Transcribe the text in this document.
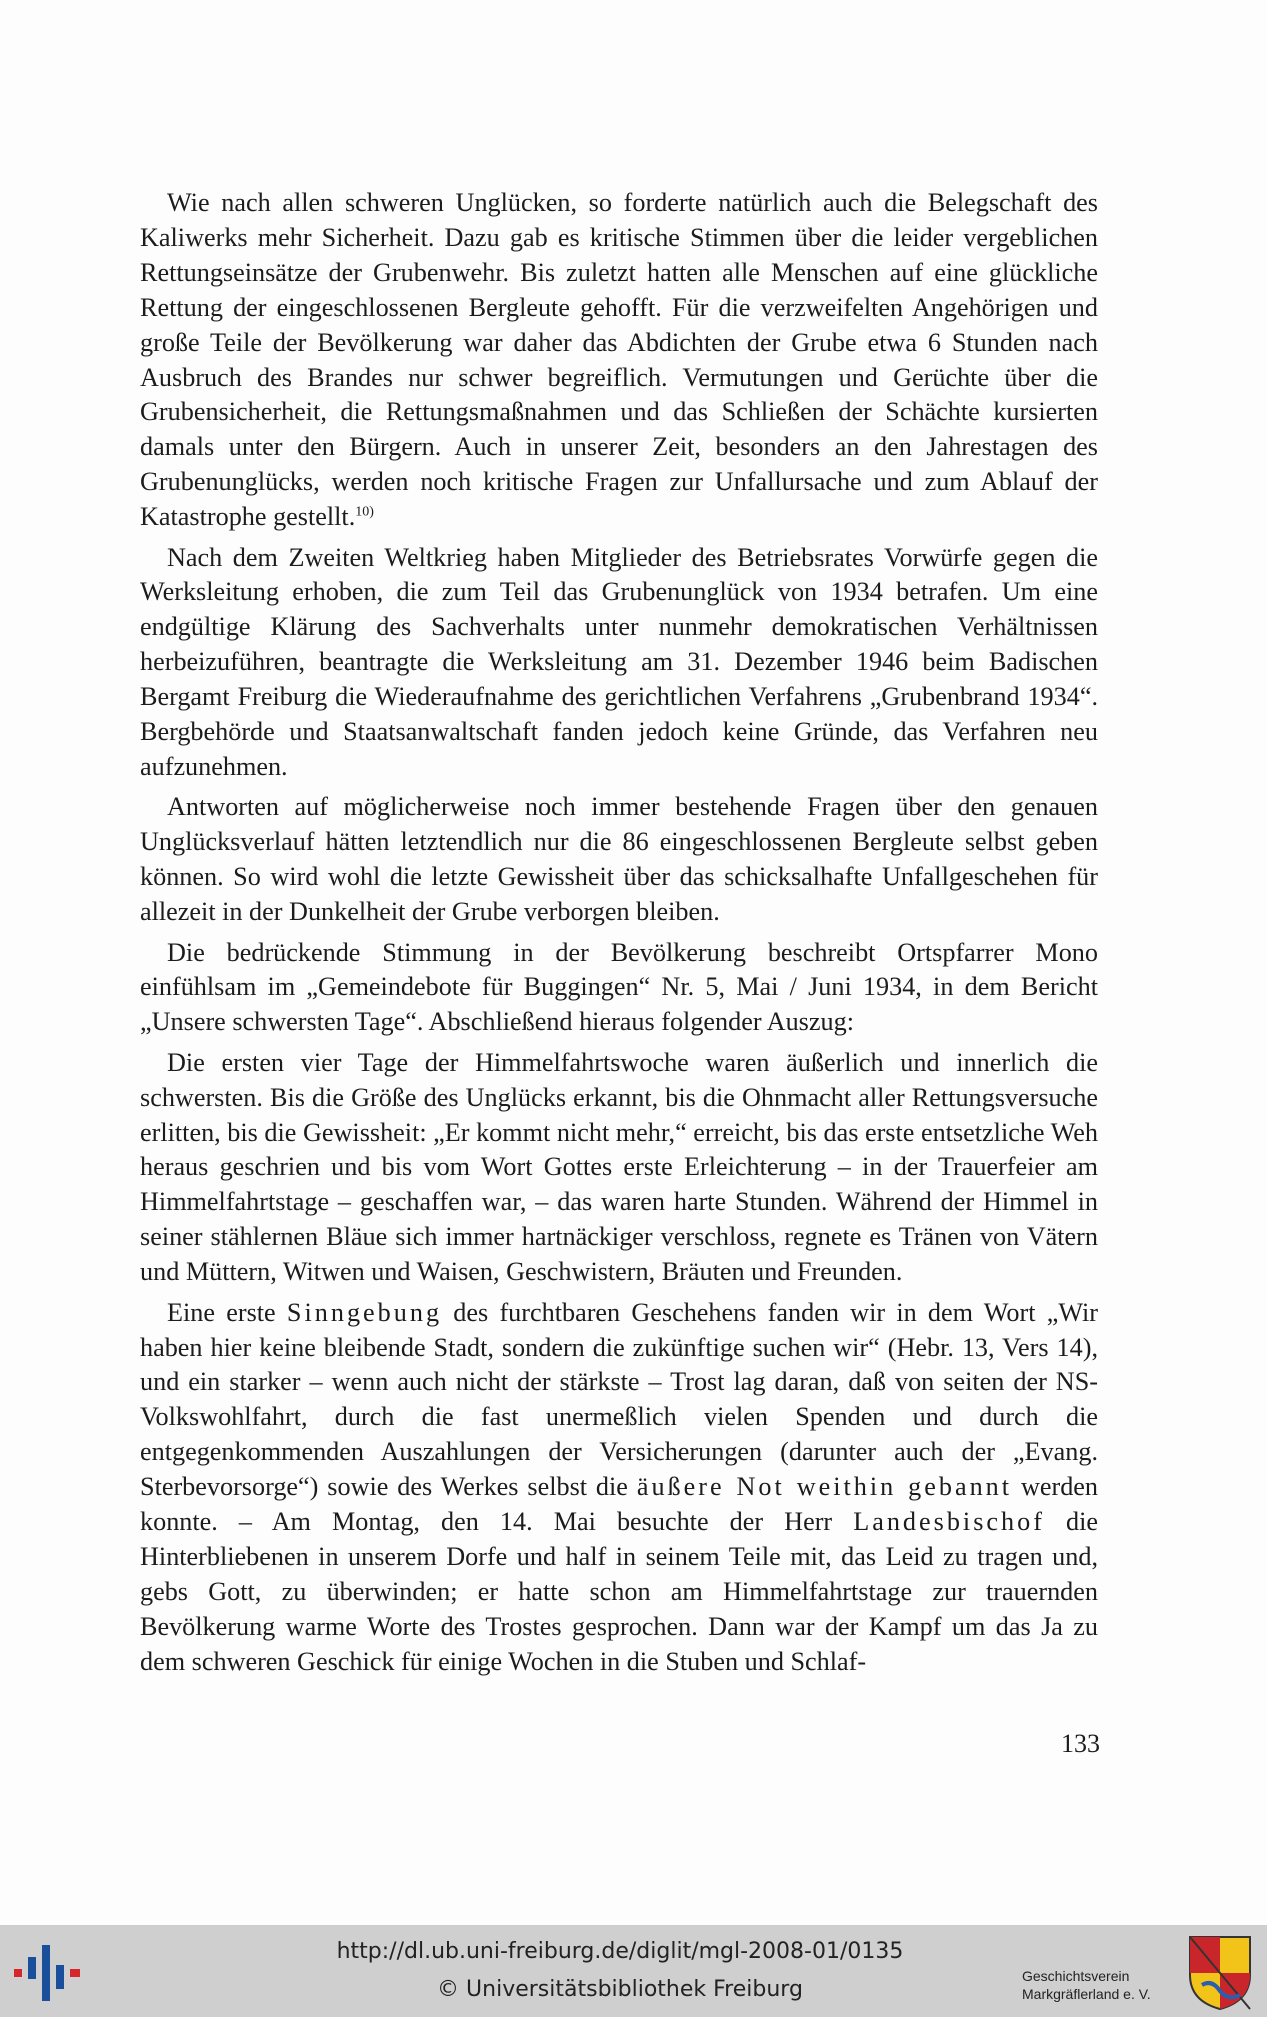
Wie nach allen schweren Unglücken, so forderte natürlich auch die Belegschaft des Kaliwerks mehr Sicherheit. Dazu gab es kritische Stimmen über die leider vergeblichen Rettungseinsätze der Grubenwehr. Bis zuletzt hatten alle Menschen auf eine glückliche Rettung der eingeschlossenen Bergleute gehofft. Für die verzweifelten Angehörigen und große Teile der Bevölkerung war daher das Abdichten der Grube etwa 6 Stunden nach Ausbruch des Brandes nur schwer begreiflich. Vermutungen und Gerüchte über die Grubensicherheit, die Rettungsmaßnahmen und das Schließen der Schächte kursierten damals unter den Bürgern. Auch in unserer Zeit, besonders an den Jahrestagen des Grubenunglücks, werden noch kritische Fragen zur Unfallursache und zum Ablauf der Katastrophe gestellt.$^{10)}$

Nach dem Zweiten Weltkrieg haben Mitglieder des Betriebsrates Vorwürfe gegen die Werksleitung erhoben, die zum Teil das Grubenunglück von 1934 betrafen. Um eine endgültige Klärung des Sachverhalts unter nunmehr demokratischen Verhältnissen herbeizuführen, beantragte die Werksleitung am 31. Dezember 1946 beim Badischen Bergamt Freiburg die Wiederaufnahme des gerichtlichen Verfahrens „Grubenbrand 1934“. Bergbehörde und Staatsanwaltschaft fanden jedoch keine Gründe, das Verfahren neu aufzunehmen.

Antworten auf möglicherweise noch immer bestehende Fragen über den genauen Unglücksverlauf hätten letztendlich nur die 86 eingeschlossenen Bergleute selbst geben können. So wird wohl die letzte Gewissheit über das schicksalhafte Unfallgeschehen für allezeit in der Dunkelheit der Grube verborgen bleiben.

Die bedrückende Stimmung in der Bevölkerung beschreibt Ortspfarrer Mono einfühlsam im „Gemeindebote für Buggingen“ Nr. 5, Mai / Juni 1934, in dem Bericht „Unsere schwersten Tage“. Abschließend hieraus folgender Auszug:

Die ersten vier Tage der Himmelfahrtswoche waren äußerlich und innerlich die schwersten. Bis die Größe des Unglücks erkannt, bis die Ohnmacht aller Rettungsversuche erlitten, bis die Gewissheit: „Er kommt nicht mehr,“ erreicht, bis das erste entsetzliche Weh heraus geschrien und bis vom Wort Gottes erste Erleichterung – in der Trauerfeier am Himmelfahrtstage – geschaffen war, – das waren harte Stunden. Während der Himmel in seiner stählernen Bläue sich immer hartnäckiger verschloss, regnete es Tränen von Vätern und Müttern, Witwen und Waisen, Geschwistern, Bräuten und Freunden.

Eine erste Sinngebung des furchtbaren Geschehens fanden wir in dem Wort „Wir haben hier keine bleibende Stadt, sondern die zukünftige suchen wir“ (Hebr. 13, Vers 14), und ein starker – wenn auch nicht der stärkste – Trost lag daran, daß von seiten der NS-Volkswohlfahrt, durch die fast unermeßlich vielen Spenden und durch die entgegenkommenden Auszahlungen der Versicherungen (darunter auch der „Evang. Sterbevorsorge“) sowie des Werkes selbst die äußere Not weithin gebannt werden konnte. – Am Montag, den 14. Mai besuchte der Herr Landesbischof die Hinterbliebenen in unserem Dorfe und half in seinem Teile mit, das Leid zu tragen und, gebs Gott, zu überwinden; er hatte schon am Himmelfahrtstage zur trauernden Bevölkerung warme Worte des Trostes gesprochen. Dann war der Kampf um das Ja zu dem schweren Geschick für einige Wochen in die Stuben und Schlaf-

133
http://dl.ub.uni-freiburg.de/diglit/mgl-2008-01/0135
© Universitätsbibliothek Freiburg
Geschichtsverein
Markgräflerland e. V.
